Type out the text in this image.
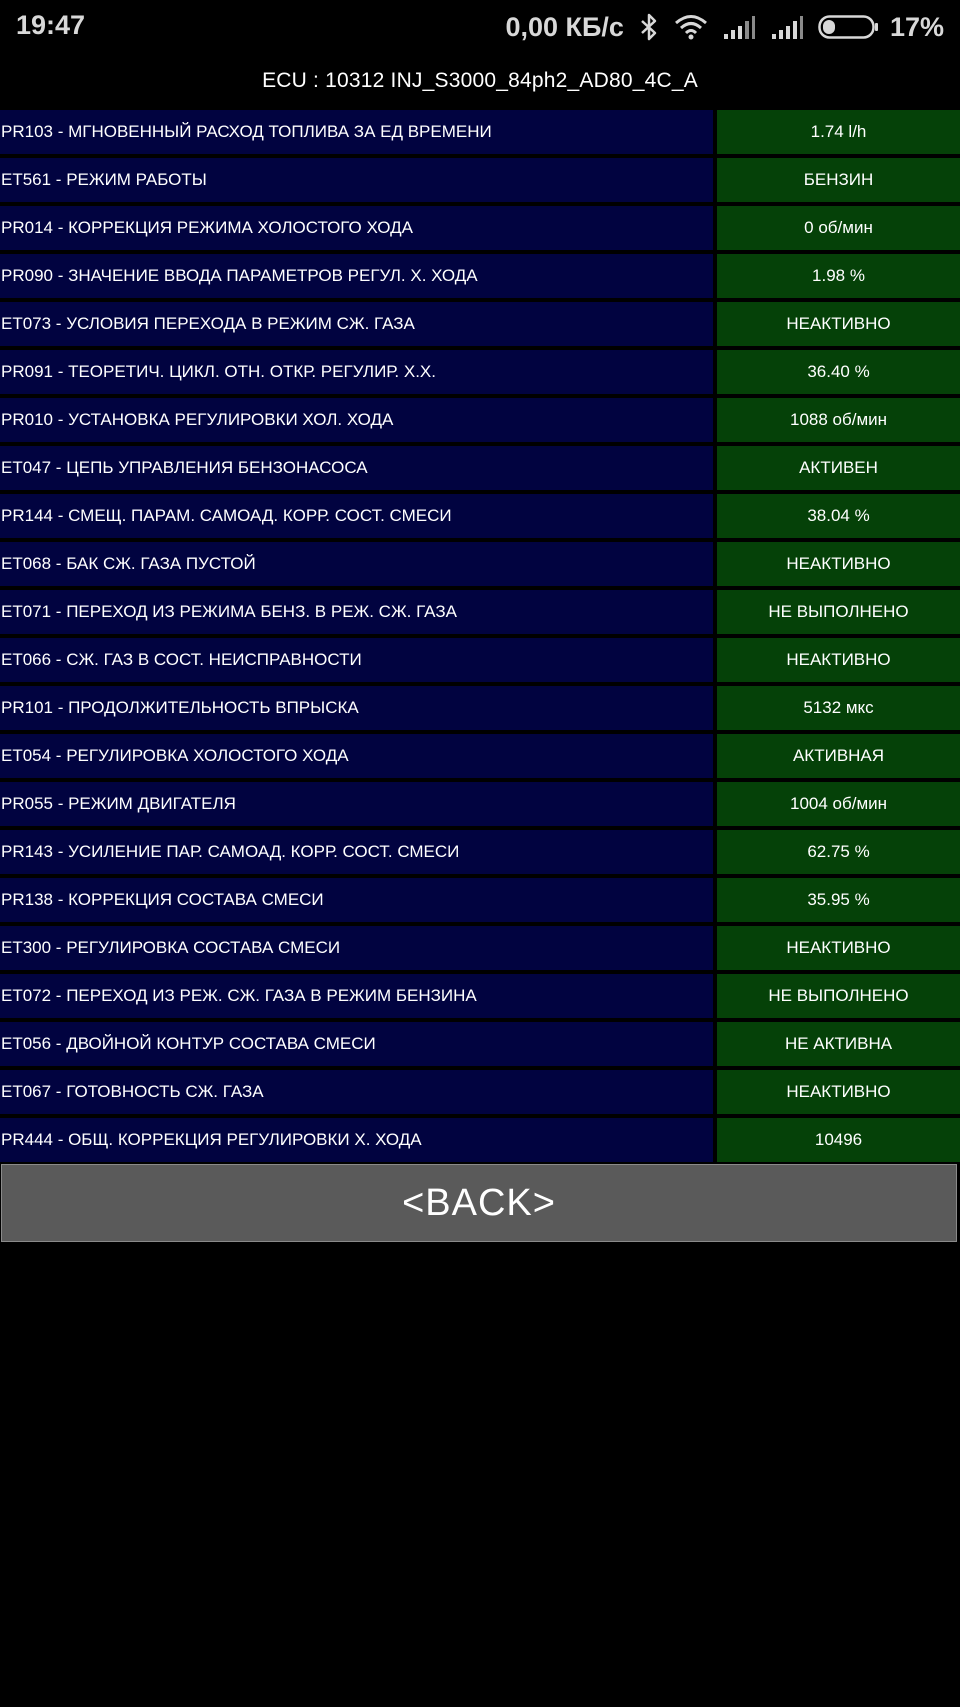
19:47	0,00 КБ/с	17%
ECU : 10312 INJ_S3000_84ph2_AD80_4C_A
PR103 - МГНОВЕННЫЙ РАСХОД ТОПЛИВА ЗА ЕД ВРЕМЕНИ	1.74 l/h
ET561 - РЕЖИМ РАБОТЫ	БЕНЗИН
PR014 - КОРРЕКЦИЯ РЕЖИМА ХОЛОСТОГО ХОДА	0 об/мин
PR090 - ЗНАЧЕНИЕ ВВОДА ПАРАМЕТРОВ РЕГУЛ. Х. ХОДА	1.98 %
ET073 - УСЛОВИЯ ПЕРЕХОДА В РЕЖИМ СЖ. ГАЗА	НЕАКТИВНО
PR091 - ТЕОРЕТИЧ. ЦИКЛ. ОТН. ОТКР. РЕГУЛИР. Х.Х.	36.40 %
PR010 - УСТАНОВКА РЕГУЛИРОВКИ ХОЛ. ХОДА	1088 об/мин
ET047 - ЦЕПЬ УПРАВЛЕНИЯ БЕНЗОНАСОСА	АКТИВЕН
PR144 - СМЕЩ. ПАРАМ. САМОАД. КОРР. СОСТ. СМЕСИ	38.04 %
ET068 - БАК СЖ. ГАЗА ПУСТОЙ	НЕАКТИВНО
ET071 - ПЕРЕХОД ИЗ РЕЖИМА БЕНЗ. В РЕЖ. СЖ. ГАЗА	НЕ ВЫПОЛНЕНО
ET066 - СЖ. ГАЗ В СОСТ. НЕИСПРАВНОСТИ	НЕАКТИВНО
PR101 - ПРОДОЛЖИТЕЛЬНОСТЬ ВПРЫСКА	5132 мкс
ET054 - РЕГУЛИРОВКА ХОЛОСТОГО ХОДА	АКТИВНАЯ
PR055 - РЕЖИМ ДВИГАТЕЛЯ	1004 об/мин
PR143 - УСИЛЕНИЕ ПАР. САМОАД. КОРР. СОСТ. СМЕСИ	62.75 %
PR138 - КОРРЕКЦИЯ СОСТАВА СМЕСИ	35.95 %
ET300 - РЕГУЛИРОВКА СОСТАВА СМЕСИ	НЕАКТИВНО
ET072 - ПЕРЕХОД ИЗ РЕЖ. СЖ. ГАЗА В РЕЖИМ БЕНЗИНА	НЕ ВЫПОЛНЕНО
ET056 - ДВОЙНОЙ КОНТУР СОСТАВА СМЕСИ	НЕ АКТИВНА
ET067 - ГОТОВНОСТЬ СЖ. ГАЗА	НЕАКТИВНО
PR444 - ОБЩ. КОРРЕКЦИЯ РЕГУЛИРОВКИ Х. ХОДА	10496
<BACK>
